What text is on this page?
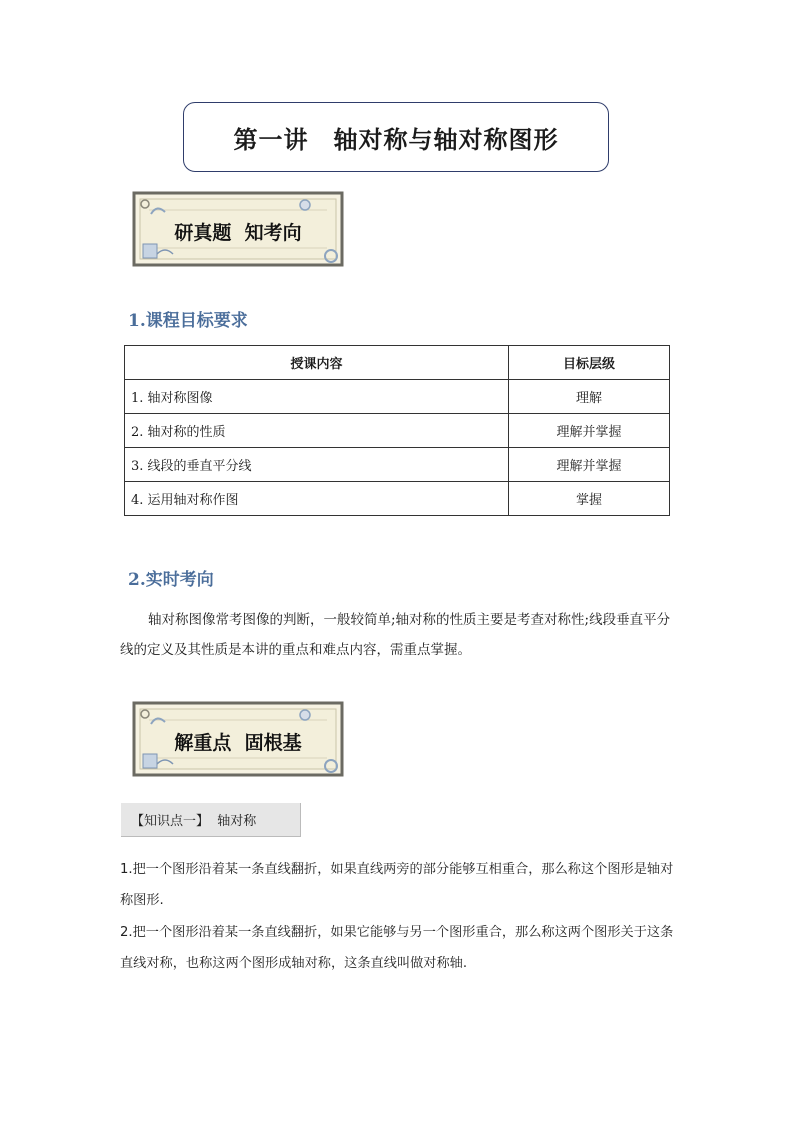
第一讲　轴对称与轴对称图形
研真题  知考向
1.课程目标要求
授课内容	目标层级
1. 轴对称图像	理解
2. 轴对称的性质	理解并掌握
3. 线段的垂直平分线	理解并掌握
4. 运用轴对称作图	掌握
2.实时考向
轴对称图像常考图像的判断，一般较简单;轴对称的性质主要是考查对称性;线段垂直平分线的定义及其性质是本讲的重点和难点内容，需重点掌握。
解重点  固根基
【知识点一】
轴对称
1.把一个图形沿着某一条直线翻折，如果直线两旁的部分能够互相重合，那么称这个图形是轴对称图形.
2.把一个图形沿着某一条直线翻折，如果它能够与另一个图形重合，那么称这两个图形关于这条直线对称，也称这两个图形成轴对称，这条直线叫做对称轴.
